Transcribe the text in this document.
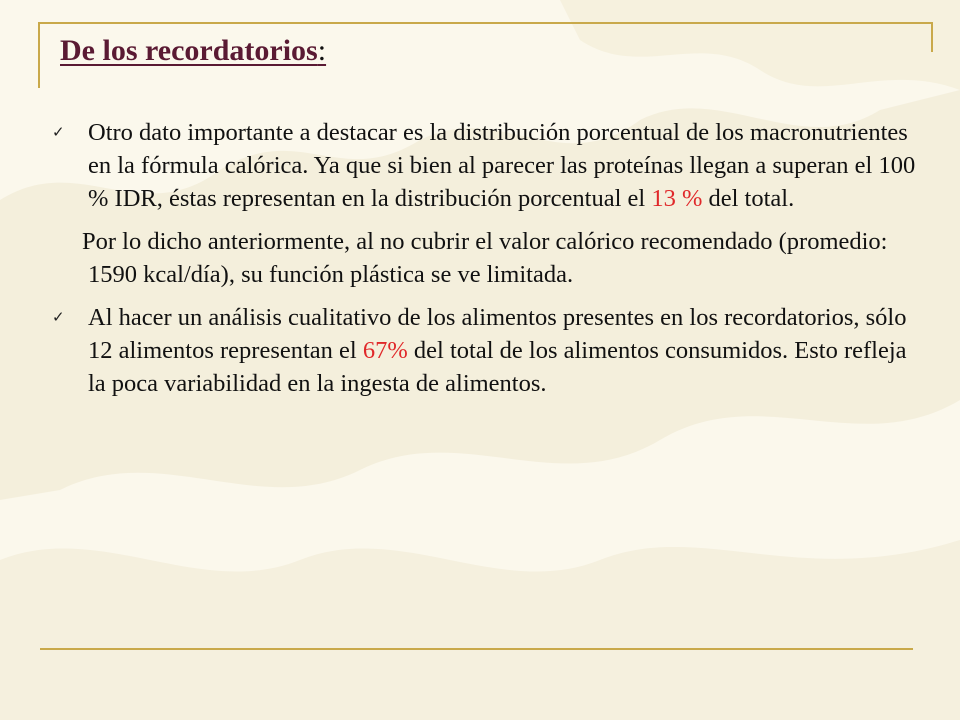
De los recordatorios:
✓ Otro dato importante a destacar es la distribución porcentual de los macronutrientes en la fórmula calórica. Ya que si bien al parecer las proteínas llegan a superan el 100 % IDR, éstas representan en la distribución porcentual el 13 % del total.
Por lo dicho anteriormente, al no cubrir el valor calórico recomendado (promedio: 1590 kcal/día), su función plástica se ve limitada.
✓ Al hacer un análisis cualitativo de los alimentos presentes en los recordatorios, sólo 12 alimentos representan el 67% del total de los alimentos consumidos. Esto refleja la poca variabilidad en la ingesta de alimentos.
